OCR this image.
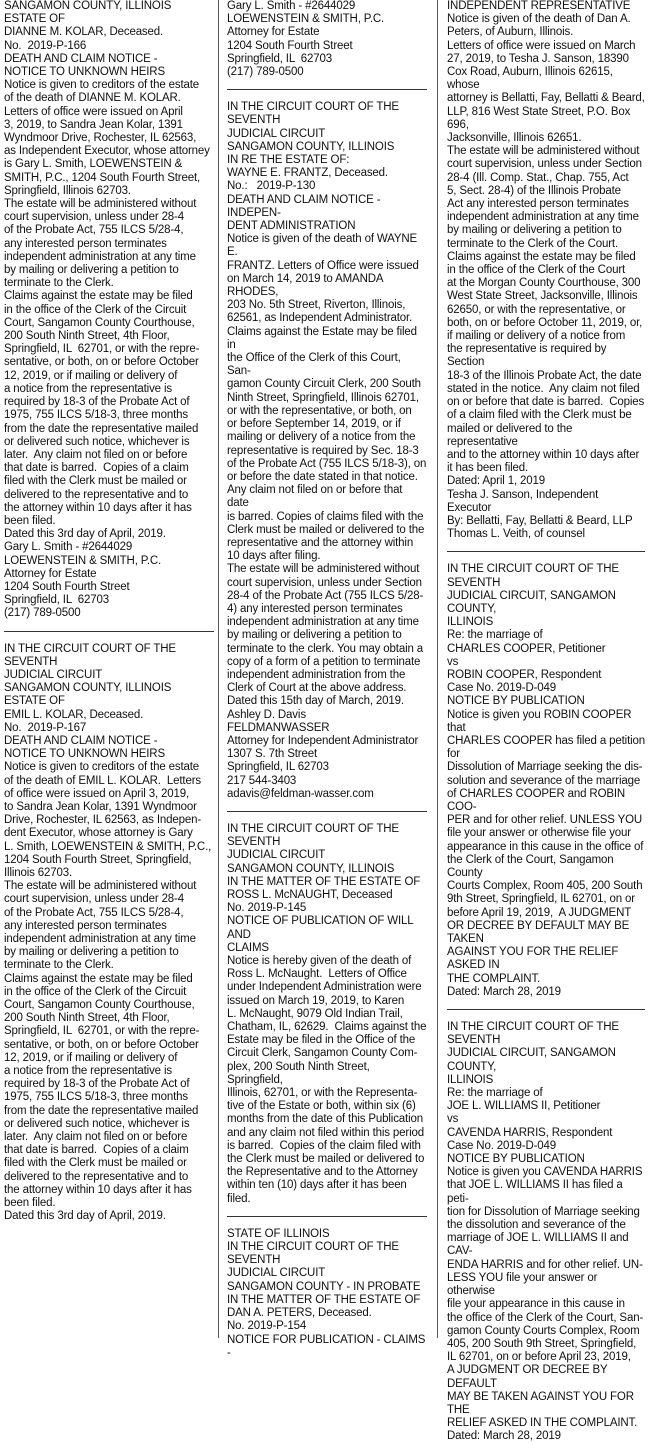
SANGAMON COUNTY, ILLINOIS

ESTATE OF

DIANNE M. KOLAR, Deceased.

No.  2019-P-166

DEATH AND CLAIM NOTICE -

NOTICE TO UNKNOWN HEIRS

Notice is given to creditors of the estate

of the death of DIANNE M. KOLAR.

Letters of office were issued on April

3, 2019, to Sandra Jean Kolar, 1391

Wyndmoor Drive, Rochester, IL 62563,

as Independent Executor, whose attorney

is Gary L. Smith, LOEWENSTEIN &

SMITH, P.C., 1204 South Fourth Street,

Springfield, Illinois 62703.

The estate will be administered without

court supervision, unless under 28-4

of the Probate Act, 755 ILCS 5/28-4,

any interested person terminates

independent administration at any time

by mailing or delivering a petition to

terminate to the Clerk.

Claims against the estate may be filed

in the office of the Clerk of the Circuit

Court, Sangamon County Courthouse,

200 South Ninth Street, 4th Floor,

Springfield, IL  62701, or with the repre-

sentative, or both, on or before October

12, 2019, or if mailing or delivery of

a notice from the representative is

required by 18-3 of the Probate Act of

1975, 755 ILCS 5/18-3, three months

from the date the representative mailed

or delivered such notice, whichever is

later.  Any claim not filed on or before

that date is barred.  Copies of a claim

filed with the Clerk must be mailed or

delivered to the representative and to

the attorney within 10 days after it has

been filed.

Dated this 3rd day of April, 2019.

Gary L. Smith - #2644029

LOEWENSTEIN & SMITH, P.C.

Attorney for Estate

1204 South Fourth Street

Springfield, IL  62703

(217) 789-0500

IN THE CIRCUIT COURT OF THE SEVENTH

JUDICIAL CIRCUIT

SANGAMON COUNTY, ILLINOIS

ESTATE OF

EMIL L. KOLAR, Deceased.

No.  2019-P-167

DEATH AND CLAIM NOTICE -

NOTICE TO UNKNOWN HEIRS

Notice is given to creditors of the estate

of the death of EMIL L. KOLAR.  Letters

of office were issued on April 3, 2019,

to Sandra Jean Kolar, 1391 Wyndmoor

Drive, Rochester, IL 62563, as Indepen-

dent Executor, whose attorney is Gary

L. Smith, LOEWENSTEIN & SMITH, P.C.,

1204 South Fourth Street, Springfield,

Illinois 62703.

The estate will be administered without

court supervision, unless under 28-4

of the Probate Act, 755 ILCS 5/28-4,

any interested person terminates

independent administration at any time

by mailing or delivering a petition to

terminate to the Clerk.

Claims against the estate may be filed

in the office of the Clerk of the Circuit

Court, Sangamon County Courthouse,

200 South Ninth Street, 4th Floor,

Springfield, IL  62701, or with the repre-

sentative, or both, on or before October

12, 2019, or if mailing or delivery of

a notice from the representative is

required by 18-3 of the Probate Act of

1975, 755 ILCS 5/18-3, three months

from the date the representative mailed

or delivered such notice, whichever is

later.  Any claim not filed on or before

that date is barred.  Copies of a claim

filed with the Clerk must be mailed or

delivered to the representative and to

the attorney within 10 days after it has

been filed.

Dated this 3rd day of April, 2019.

Gary L. Smith - #2644029

LOEWENSTEIN & SMITH, P.C.

Attorney for Estate

1204 South Fourth Street

Springfield, IL  62703

(217) 789-0500

IN THE CIRCUIT COURT OF THE SEVENTH

JUDICIAL CIRCUIT

SANGAMON COUNTY, ILLINOIS

IN RE THE ESTATE OF:

WAYNE E. FRANTZ, Deceased.

No.:   2019-P-130

DEATH AND CLAIM NOTICE - INDEPEN-

DENT ADMINISTRATION

Notice is given of the death of WAYNE E.

FRANTZ. Letters of Office were issued

on March 14, 2019 to AMANDA RHODES,

203 No. 5th Street, Riverton, Illinois,

62561, as Independent Administrator.

Claims against the Estate may be filed in

the Office of the Clerk of this Court, San-

gamon County Circuit Clerk, 200 South

Ninth Street, Springfield, Illinois 62701,

or with the representative, or both, on

or before September 14, 2019, or if

mailing or delivery of a notice from the

representative is required by Sec. 18-3

of the Probate Act (755 ILCS 5/18-3), on

or before the date stated in that notice.

Any claim not filed on or before that date

is barred. Copies of claims filed with the

Clerk must be mailed or delivered to the

representative and the attorney within

10 days after filing.

The estate will be administered without

court supervision, unless under Section

28-4 of the Probate Act (755 ILCS 5/28-

4) any interested person terminates

independent administration at any time

by mailing or delivering a petition to

terminate to the clerk. You may obtain a

copy of a form of a petition to terminate

independent administration from the

Clerk of Court at the above address.

Dated this 15th day of March, 2019.

Ashley D. Davis

FELDMANWASSER

Attorney for Independent Administrator

1307 S. 7th Street

Springfield, IL 62703

217 544-3403

adavis@feldman-wasser.com

IN THE CIRCUIT COURT OF THE SEVENTH

JUDICIAL CIRCUIT

SANGAMON COUNTY, ILLINOIS

IN THE MATTER OF THE ESTATE OF

ROSS L. McNAUGHT, Deceased

No. 2019-P-145

NOTICE OF PUBLICATION OF WILL AND

CLAIMS

Notice is hereby given of the death of

Ross L. McNaught.  Letters of Office

under Independent Administration were

issued on March 19, 2019, to Karen

L. McNaught, 9079 Old Indian Trail,

Chatham, IL, 62629.  Claims against the

Estate may be filed in the Office of the

Circuit Clerk, Sangamon County Com-

plex, 200 South Ninth Street, Springfield,

Illinois, 62701, or with the Representa-

tive of the Estate or both, within six (6)

months from the date of this Publication

and any claim not filed within this period

is barred.  Copies of the claim filed with

the Clerk must be mailed or delivered to

the Representative and to the Attorney

within ten (10) days after it has been

filed.

STATE OF ILLINOIS

IN THE CIRCUIT COURT OF THE SEVENTH

JUDICIAL CIRCUIT

SANGAMON COUNTY - IN PROBATE

IN THE MATTER OF THE ESTATE OF

DAN A. PETERS, Deceased.

No. 2019-P-154

NOTICE FOR PUBLICATION - CLAIMS -

INDEPENDENT REPRESENTATIVE

Notice is given of the death of Dan A.

Peters, of Auburn, Illinois.

Letters of office were issued on March

27, 2019, to Tesha J. Sanson, 18390

Cox Road, Auburn, Illinois 62615, whose

attorney is Bellatti, Fay, Bellatti & Beard,

LLP, 816 West State Street, P.O. Box 696,

Jacksonville, Illinois 62651.

The estate will be administered without

court supervision, unless under Section

28-4 (Ill. Comp. Stat., Chap. 755, Act

5, Sect. 28-4) of the Illinois Probate

Act any interested person terminates

independent administration at any time

by mailing or delivering a petition to

terminate to the Clerk of the Court.

Claims against the estate may be filed

in the office of the Clerk of the Court

at the Morgan County Courthouse, 300

West State Street, Jacksonville, Illinois

62650, or with the representative, or

both, on or before October 11, 2019, or,

if mailing or delivery of a notice from

the representative is required by Section

18-3 of the Illinois Probate Act, the date

stated in the notice.  Any claim not filed

on or before that date is barred.  Copies

of a claim filed with the Clerk must be

mailed or delivered to the representative

and to the attorney within 10 days after

it has been filed.

Dated: April 1, 2019

Tesha J. Sanson, Independent Executor

By: Bellatti, Fay, Bellatti & Beard, LLP

Thomas L. Veith, of counsel

IN THE CIRCUIT COURT OF THE SEVENTH

JUDICIAL CIRCUIT, SANGAMON COUNTY,

ILLINOIS

Re: the marriage of

CHARLES COOPER, Petitioner

vs

ROBIN COOPER, Respondent

Case No. 2019-D-049

NOTICE BY PUBLICATION

Notice is given you ROBIN COOPER that

CHARLES COOPER has filed a petition for

Dissolution of Marriage seeking the dis-

solution and severance of the marriage

of CHARLES COOPER and ROBIN COO-

PER and for other relief. UNLESS YOU

file your answer or otherwise file your

appearance in this cause in the office of

the Clerk of the Court, Sangamon County

Courts Complex, Room 405, 200 South

9th Street, Springfield, IL 62701, on or

before April 19, 2019,  A JUDGMENT

OR DECREE BY DEFAULT MAY BE TAKEN

AGAINST YOU FOR THE RELIEF ASKED IN

THE COMPLAINT.

Dated: March 28, 2019

IN THE CIRCUIT COURT OF THE SEVENTH

JUDICIAL CIRCUIT, SANGAMON COUNTY,

ILLINOIS

Re: the marriage of

JOE L. WILLIAMS II, Petitioner

vs

CAVENDA HARRIS, Respondent

Case No. 2019-D-049

NOTICE BY PUBLICATION

Notice is given you CAVENDA HARRIS

that JOE L. WILLIAMS II has filed a peti-

tion for Dissolution of Marriage seeking

the dissolution and severance of the

marriage of JOE L. WILLIAMS II and CAV-

ENDA HARRIS and for other relief. UN-

LESS YOU file your answer or otherwise

file your appearance in this cause in

the office of the Clerk of the Court, San-

gamon County Courts Complex, Room

405, 200 South 9th Street, Springfield,

IL 62701, on or before April 23, 2019,

A JUDGMENT OR DECREE BY DEFAULT

MAY BE TAKEN AGAINST YOU FOR THE

RELIEF ASKED IN THE COMPLAINT.

Dated: March 28, 2019
